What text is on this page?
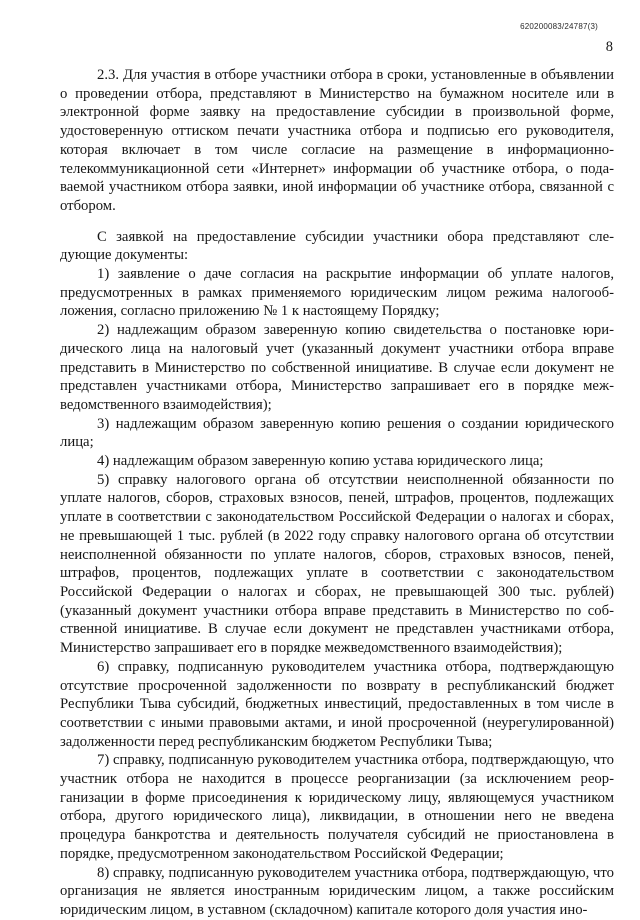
620200083/24787(3)
8

2.3. Для участия в отборе участники отбора в сроки, установленные в объявлении о проведении отбора, представляют в Министерство на бумажном носителе или в электронной форме заявку на предоставление субсидии в произвольной форме, удостоверенную оттиском печати участника отбора и подписью его руководителя, которая включает в том числе согласие на размещение в информационно-телекоммуникационной сети «Интернет» информации об участнике отбора, о подаваемой участником отбора заявки, иной информации об участнике отбора, связанной с отбором.

С заявкой на предоставление субсидии участники обора представляют следующие документы:

1) заявление о даче согласия на раскрытие информации об уплате налогов, предусмотренных в рамках применяемого юридическим лицом режима налогообложения, согласно приложению № 1 к настоящему Порядку;

2) надлежащим образом заверенную копию свидетельства о постановке юридического лица на налоговый учет (указанный документ участники отбора вправе представить в Министерство по собственной инициативе. В случае если документ не представлен участниками отбора, Министерство запрашивает его в порядке межведомственного взаимодействия);

3) надлежащим образом заверенную копию решения о создании юридического лица;

4) надлежащим образом заверенную копию устава юридического лица;

5) справку налогового органа об отсутствии неисполненной обязанности по уплате налогов, сборов, страховых взносов, пеней, штрафов, процентов, подлежащих уплате в соответствии с законодательством Российской Федерации о налогах и сборах, не превышающей 1 тыс. рублей (в 2022 году справку налогового органа об отсутствии неисполненной обязанности по уплате налогов, сборов, страховых взносов, пеней, штрафов, процентов, подлежащих уплате в соответствии с законодательством Российской Федерации о налогах и сборах, не превышающей 300 тыс. рублей) (указанный документ участники отбора вправе представить в Министерство по собственной инициативе. В случае если документ не представлен участниками отбора, Министерство запрашивает его в порядке межведомственного взаимодействия);

6) справку, подписанную руководителем участника отбора, подтверждающую отсутствие просроченной задолженности по возврату в республиканский бюджет Республики Тыва субсидий, бюджетных инвестиций, предоставленных в том числе в соответствии с иными правовыми актами, и иной просроченной (неурегулированной) задолженности перед республиканским бюджетом Республики Тыва;

7) справку, подписанную руководителем участника отбора, подтверждающую, что участник отбора не находится в процессе реорганизации (за исключением реорганизации в форме присоединения к юридическому лицу, являющемуся участником отбора, другого юридического лица), ликвидации, в отношении него не введена процедура банкротства и деятельность получателя субсидий не приостановлена в порядке, предусмотренном законодательством Российской Федерации;

8) справку, подписанную руководителем участника отбора, подтверждающую, что организация не является иностранным юридическим лицом, а также российским юридическим лицом, в уставном (складочном) капитале которого доля участия ино-
